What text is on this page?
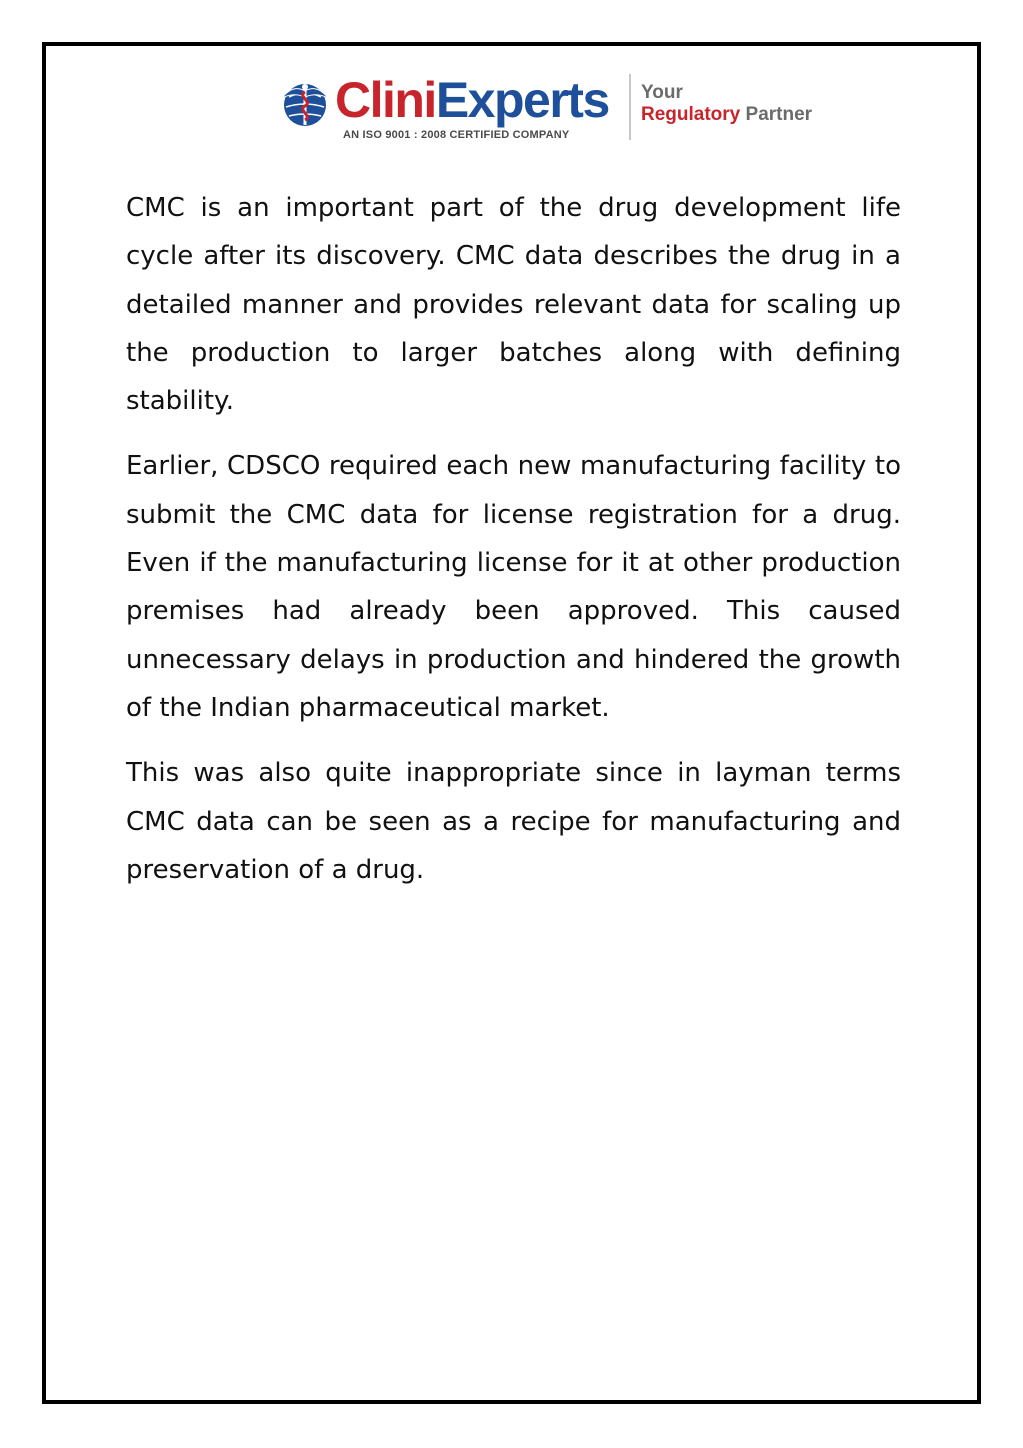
CliniExperts
AN ISO 9001 : 2008 CERTIFIED COMPANY
Your
Regulatory Partner

CMC is an important part of the drug development life cycle after its discovery. CMC data describes the drug in a detailed manner and provides relevant data for scaling up the production to larger batches along with defining stability.

Earlier, CDSCO required each new manufacturing facility to submit the CMC data for license registration for a drug. Even if the manufacturing license for it at other production premises had already been approved. This caused unnecessary delays in production and hindered the growth of the Indian pharmaceutical market.

This was also quite inappropriate since in layman terms CMC data can be seen as a recipe for manufacturing and preservation of a drug.
